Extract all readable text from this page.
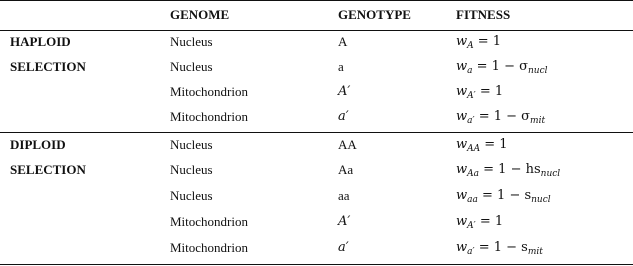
GENOME	GENOTYPE	FITNESS
HAPLOID
SELECTION
Nucleus	A	$w_A = 1$
Nucleus	a	$w_a = 1 - \sigma_{nucl}$
Mitochondrion	A′	$w_{A'} = 1$
Mitochondrion	a′	$w_{a'} = 1 - \sigma_{mit}$
DIPLOID
SELECTION
Nucleus	AA	$w_{AA} = 1$
Nucleus	Aa	$w_{Aa} = 1 - hs_{nucl}$
Nucleus	aa	$w_{aa} = 1 - s_{nucl}$
Mitochondrion	A′	$w_{A'} = 1$
Mitochondrion	a′	$w_{a'} = 1 - s_{mit}$
